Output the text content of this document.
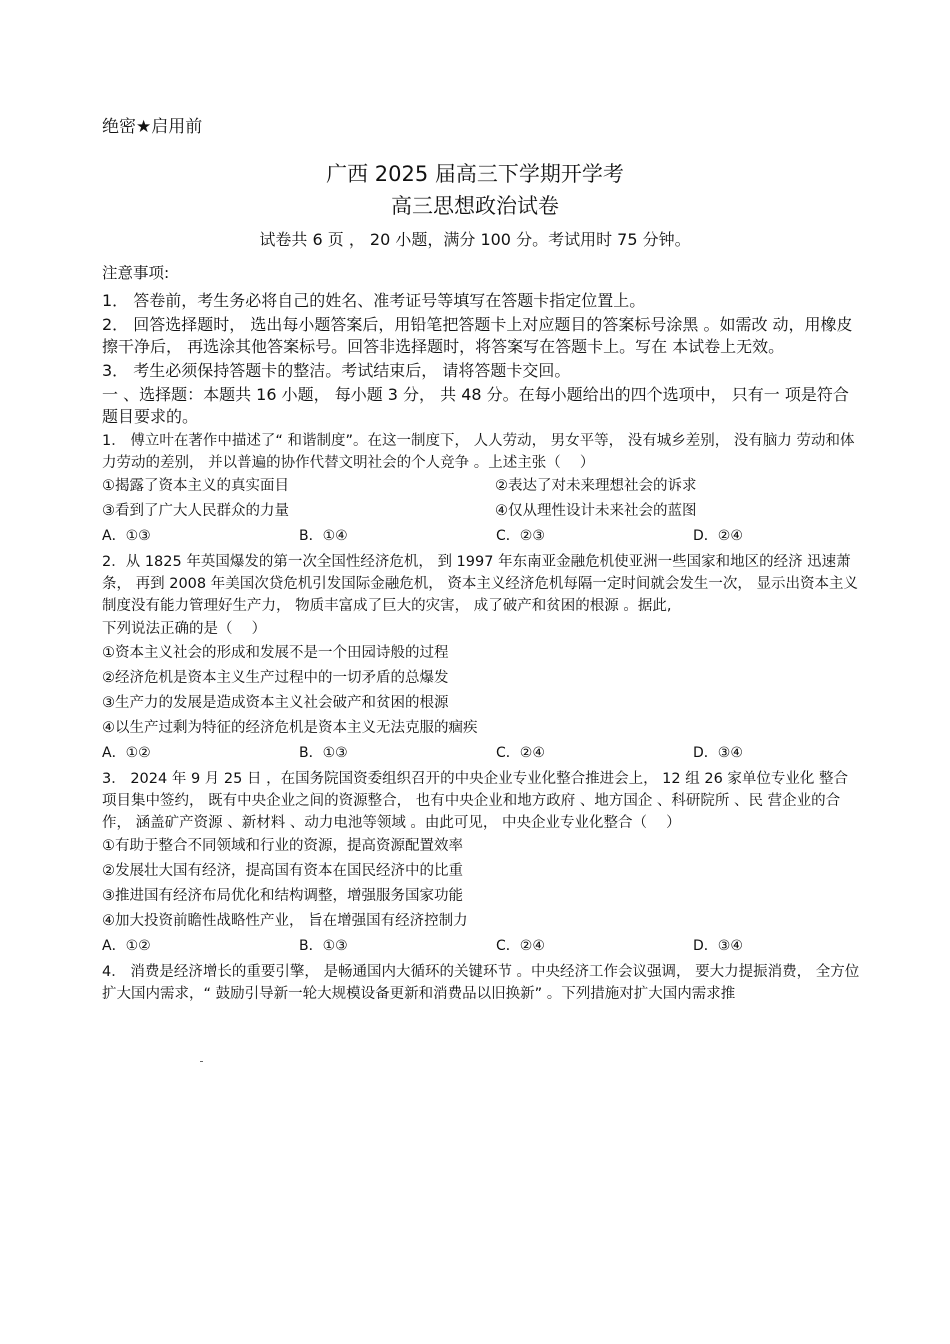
绝密★启用前
广西 2025 届高三下学期开学考
高三思想政治试卷
试卷共 6 页 ， 20 小题，满分 100 分。考试用时 75 分钟。
注意事项:
1． 答卷前，考生务必将自己的姓名、准考证号等填写在答题卡指定位置上。
2． 回答选择题时， 选出每小题答案后，用铅笔把答题卡上对应题目的答案标号涂黑 。如需改 动，用橡皮擦干净后， 再选涂其他答案标号。回答非选择题时，将答案写在答题卡上。写在 本试卷上无效。
3． 考生必须保持答题卡的整洁。考试结束后， 请将答题卡交回。
一 、选择题：本题共 16 小题， 每小题 3 分， 共 48 分。在每小题给出的四个选项中， 只有一 项是符合题目要求的。
1． 傅立叶在著作中描述了“ 和谐制度”。在这一制度下， 人人劳动， 男女平等， 没有城乡差别， 没有脑力 劳动和体力劳动的差别， 并以普遍的协作代替文明社会的个人竞争 。上述主张（　 ）
①揭露了资本主义的真实面目	②表达了对未来理想社会的诉求
③看到了广大人民群众的力量	④仅从理性设计未来社会的蓝图
A．①③	B．①④	C．②③	D．②④
2．从 1825 年英国爆发的第一次全国性经济危机， 到 1997 年东南亚金融危机使亚洲一些国家和地区的经济 迅速萧条， 再到 2008 年美国次贷危机引发国际金融危机， 资本主义经济危机每隔一定时间就会发生一次， 显示出资本主义制度没有能力管理好生产力， 物质丰富成了巨大的灾害， 成了破产和贫困的根源 。据此,
下列说法正确的是（　 ）
①资本主义社会的形成和发展不是一个田园诗般的过程
②经济危机是资本主义生产过程中的一切矛盾的总爆发
③生产力的发展是造成资本主义社会破产和贫困的根源
④以生产过剩为特征的经济危机是资本主义无法克服的痼疾
A．①②	B．①③	C．②④	D．③④
3． 2024 年 9 月 25 日 ，在国务院国资委组织召开的中央企业专业化整合推进会上， 12 组 26 家单位专业化 整合项目集中签约， 既有中央企业之间的资源整合， 也有中央企业和地方政府 、地方国企 、科研院所 、民 营企业的合作， 涵盖矿产资源 、新材料 、动力电池等领域 。由此可见， 中央企业专业化整合（　 ）
①有助于整合不同领域和行业的资源，提高资源配置效率
②发展壮大国有经济，提高国有资本在国民经济中的比重
③推进国有经济布局优化和结构调整，增强服务国家功能
④加大投资前瞻性战略性产业， 旨在增强国有经济控制力
A．①②	B．①③	C．②④	D．③④
4． 消费是经济增长的重要引擎， 是畅通国内大循环的关键环节 。中央经济工作会议强调， 要大力提振消费， 全方位扩大国内需求，“ 鼓励引导新一轮大规模设备更新和消费品以旧换新” 。下列措施对扩大国内需求推
